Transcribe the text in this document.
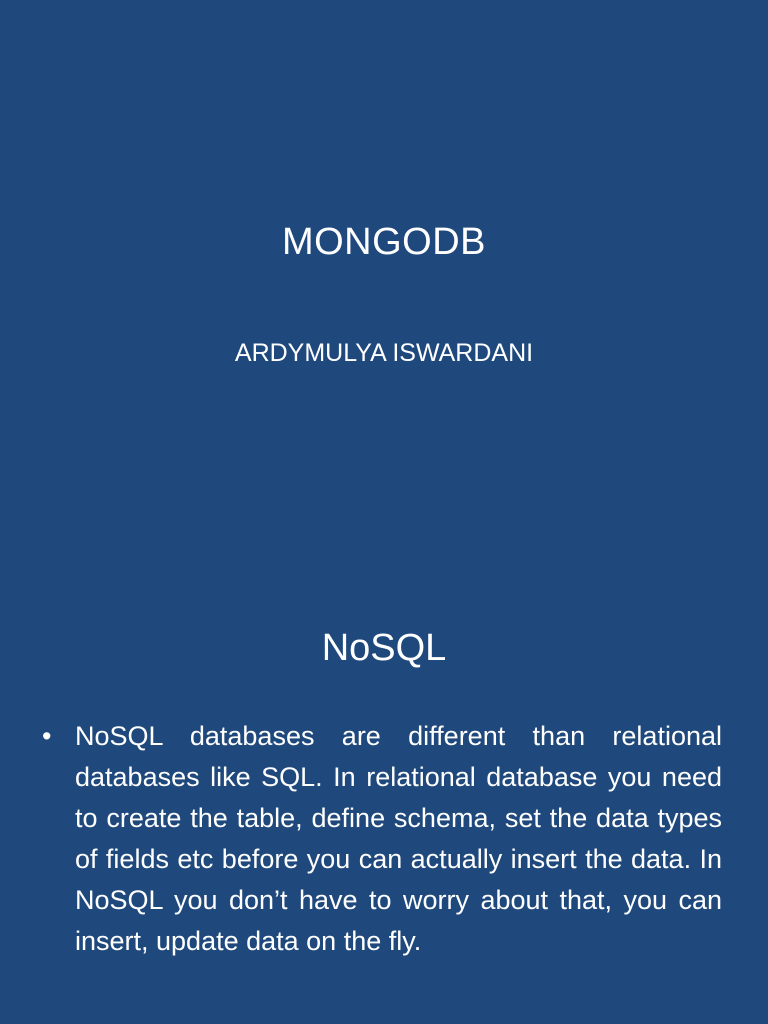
MONGODB
ARDYMULYA ISWARDANI
NoSQL
• NoSQL databases are different than relational databases like SQL. In relational database you need to create the table, define schema, set the data types of fields etc before you can actually insert the data. In NoSQL you don’t have to worry about that, you can insert, update data on the fly.
